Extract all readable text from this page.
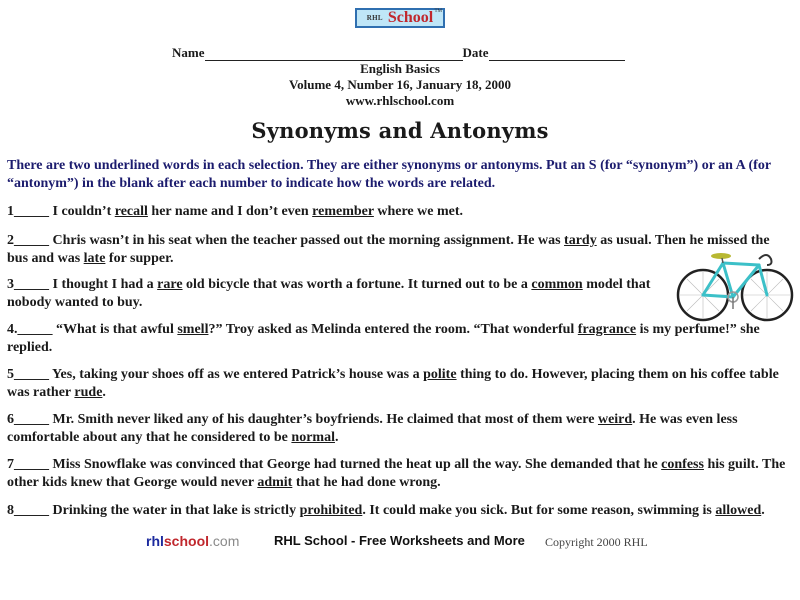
RHL School TM
Name	Date
English Basics
Volume 4, Number 16, January 18, 2000
www.rhlschool.com
Synonyms and Antonyms
There are two underlined words in each selection. They are either synonyms or antonyms. Put an S (for “synonym”) or an A (for “antonym”) in the blank after each number to indicate how the words are related.
1_____ I couldn’t recall her name and I don’t even remember where we met.
2_____ Chris wasn’t in his seat when the teacher passed out the morning assignment. He was tardy as usual. Then he missed the bus and was late for supper.
3_____ I thought I had a rare old bicycle that was worth a fortune. It turned out to be a common model that nobody wanted to buy.
4._____ “What is that awful smell?” Troy asked as Melinda entered the room. “That wonderful fragrance is my perfume!” she replied.
5_____ Yes, taking your shoes off as we entered Patrick’s house was a polite thing to do. However, placing them on his coffee table was rather rude.
6_____ Mr. Smith never liked any of his daughter’s boyfriends. He claimed that most of them were weird. He was even less comfortable about any that he considered to be normal.
7_____ Miss Snowflake was convinced that George had turned the heat up all the way. She demanded that he confess his guilt. The other kids knew that George would never admit that he had done wrong.
8_____ Drinking the water in that lake is strictly prohibited. It could make you sick. But for some reason, swimming is allowed.
rhlschool.com	RHL School - Free Worksheets and More Copyright 2000 RHL
